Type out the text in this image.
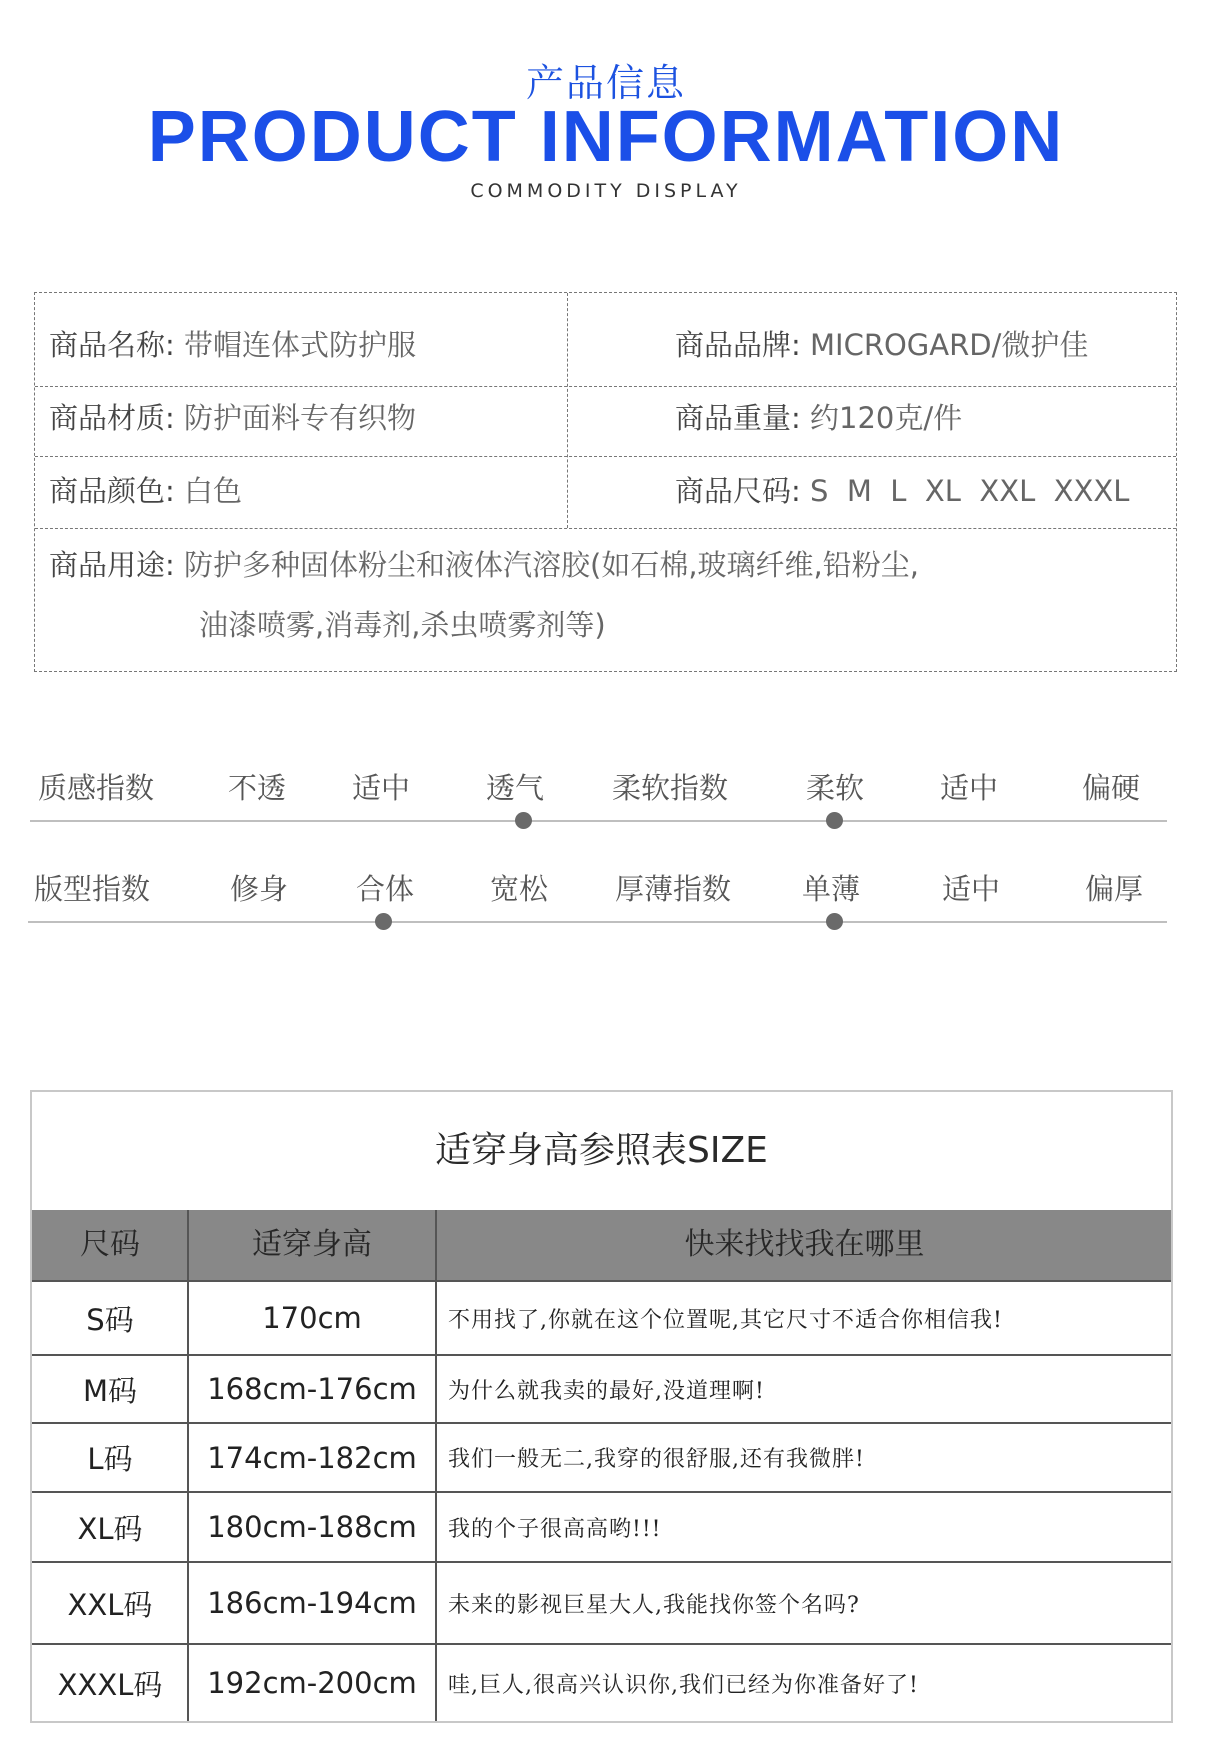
产品信息
PRODUCT INFORMATION
COMMODITY DISPLAY
商品名称: 带帽连体式防护服	商品品牌: MICROGARD/微护佳
商品材质: 防护面料专有织物	商品重量: 约120克/件
商品颜色: 白色	商品尺码: S  M  L  XL  XXL  XXXL
商品用途: 防护多种固体粉尘和液体汽溶胶(如石棉,玻璃纤维,铅粉尘,
油漆喷雾,消毒剂,杀虫喷雾剂等)
质感指数	不透 适中	透气 柔软指数	柔软	适中	偏硬
版型指数	修身 合体	宽松 厚薄指数 单薄	适中	偏厚
适穿身高参照表SIZE
尺码	适穿身高	快来找找我在哪里
S码	170cm	不用找了,你就在这个位置呢,其它尺寸不适合你相信我!
M码	168cm-176cm	为什么就我卖的最好,没道理啊!
L码	174cm-182cm	我们一般无二,我穿的很舒服,还有我微胖!
XL码	180cm-188cm	我的个子很高高哟!!!
XXL码	186cm-194cm	未来的影视巨星大人,我能找你签个名吗?
XXXL码	192cm-200cm	哇,巨人,很高兴认识你,我们已经为你准备好了!
